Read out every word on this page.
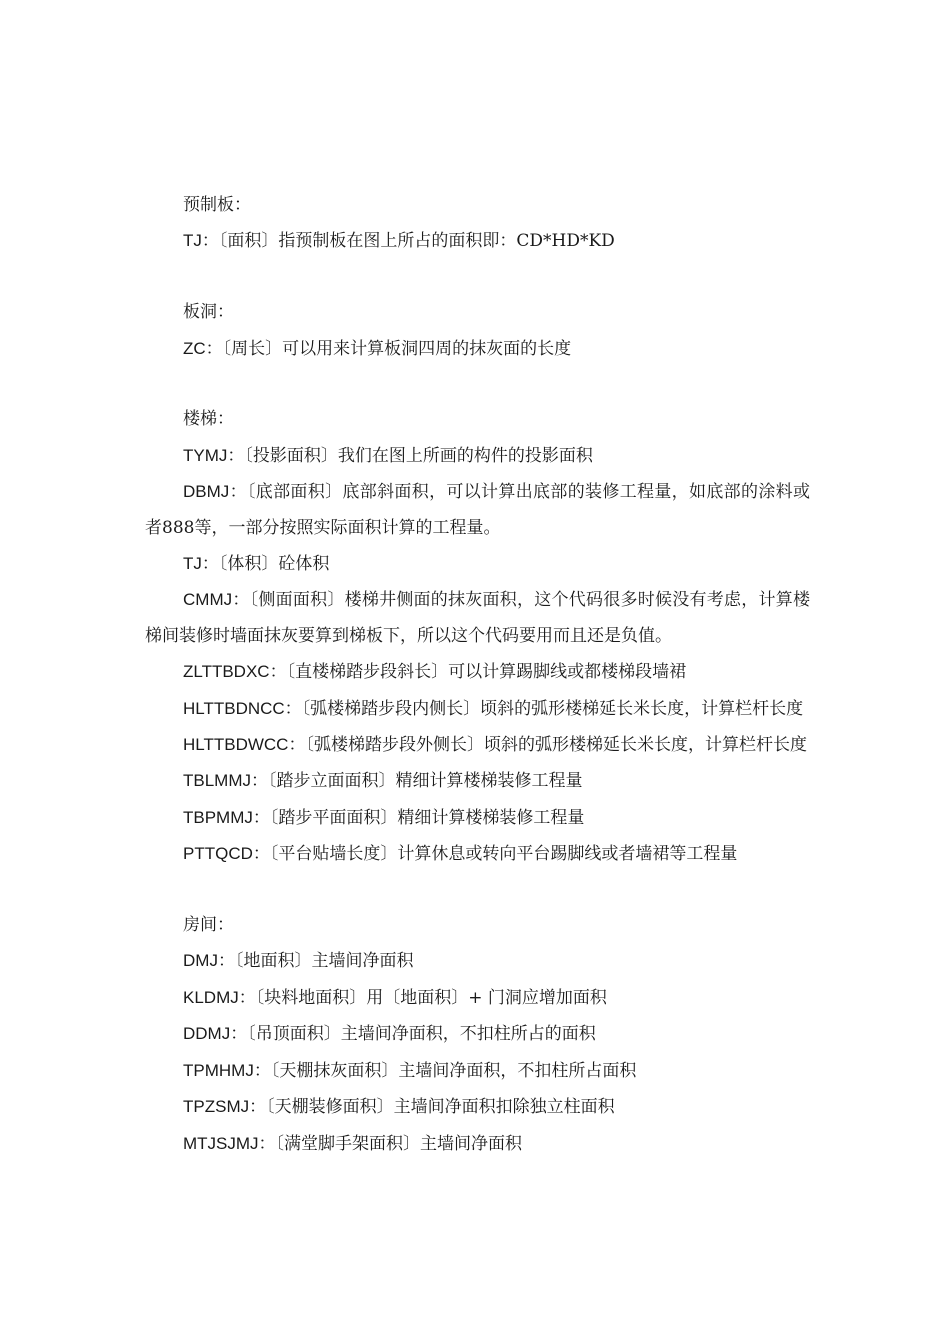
预制板：
TJ：〔面积〕指预制板在图上所占的面积即：CD*HD*KD
板洞：
ZC：〔周长〕可以用来计算板洞四周的抹灰面的长度
楼梯：
TYMJ：〔投影面积〕我们在图上所画的构件的投影面积
DBMJ：〔底部面积〕底部斜面积，可以计算出底部的装修工程量，如底部的涂料或者888等，一部分按照实际面积计算的工程量。
TJ：〔体积〕砼体积
CMMJ：〔侧面面积〕楼梯井侧面的抹灰面积，这个代码很多时候没有考虑，计算楼梯间装修时墙面抹灰要算到梯板下，所以这个代码要用而且还是负值。
ZLTTBDXC：〔直楼梯踏步段斜长〕可以计算踢脚线或都楼梯段墙裙
HLTTBDNCC：〔弧楼梯踏步段内侧长〕顷斜的弧形楼梯延长米长度，计算栏杆长度
HLTTBDWCC：〔弧楼梯踏步段外侧长〕顷斜的弧形楼梯延长米长度，计算栏杆长度
TBLMMJ：〔踏步立面面积〕精细计算楼梯装修工程量
TBPMMJ：〔踏步平面面积〕精细计算楼梯装修工程量
PTTQCD：〔平台贴墙长度〕计算休息或转向平台踢脚线或者墙裙等工程量
房间：
DMJ：〔地面积〕主墙间净面积
KLDMJ：〔块料地面积〕用〔地面积〕+ 门洞应增加面积
DDMJ：〔吊顶面积〕主墙间净面积，不扣柱所占的面积
TPMHMJ：〔天棚抹灰面积〕主墙间净面积，不扣柱所占面积
TPZSMJ：〔天棚装修面积〕主墙间净面积扣除独立柱面积
MTJSJMJ：〔满堂脚手架面积〕主墙间净面积
